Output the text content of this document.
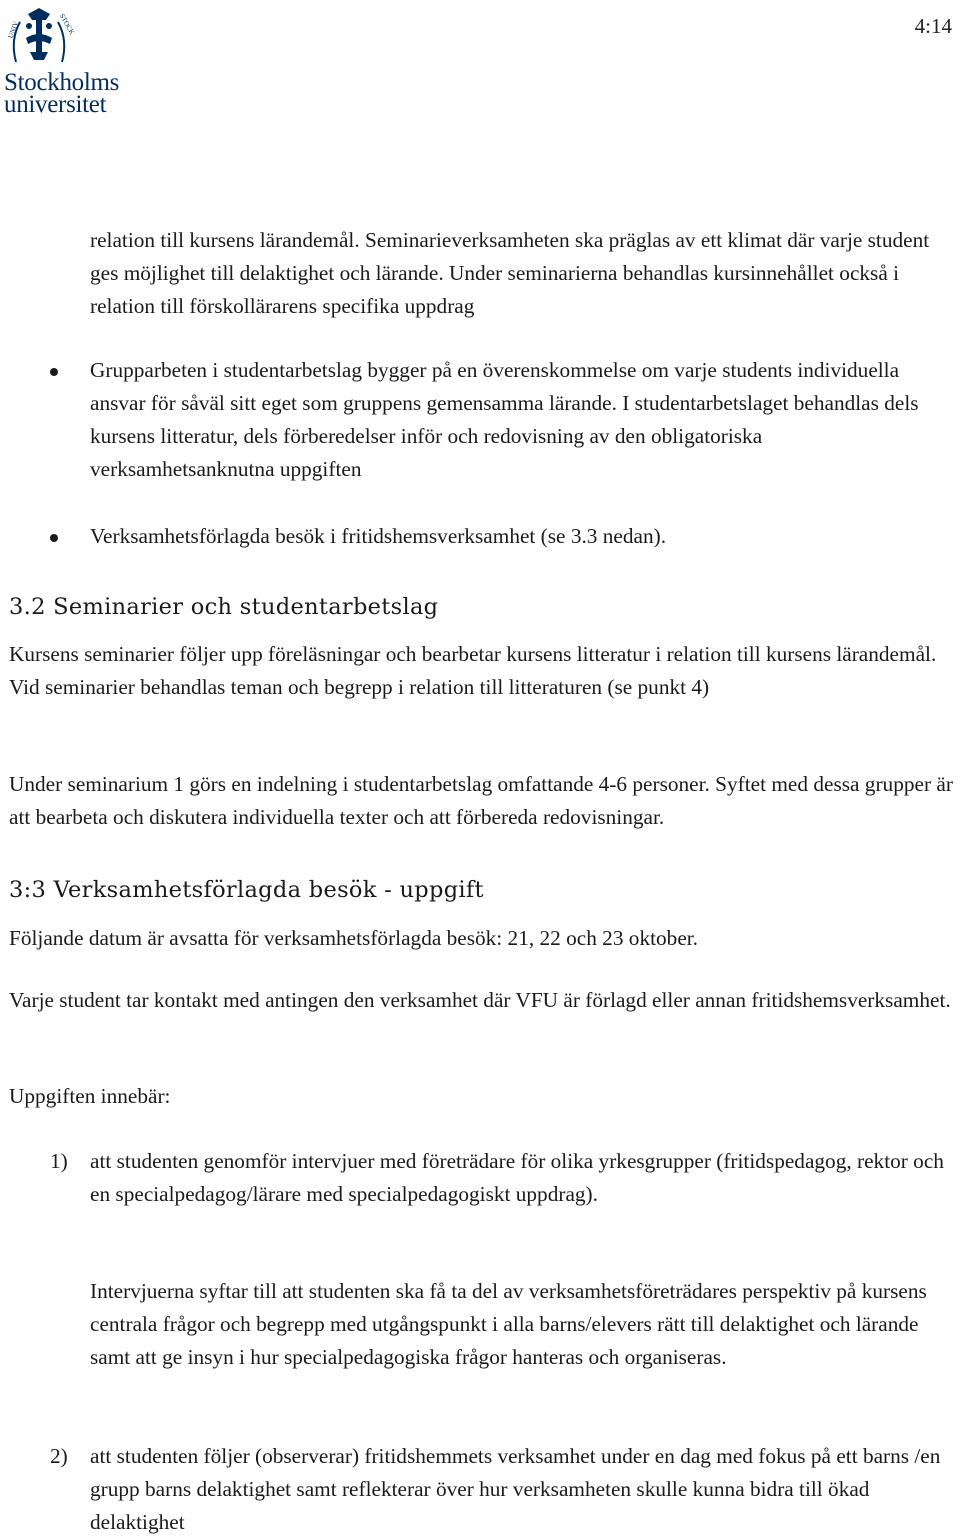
UNIV	STOCK
Stockholms
universitet
4:14
relation till kursens lärandemål. Seminarieverksamheten ska präglas av ett klimat där varje student ges möjlighet till delaktighet och lärande. Under seminarierna behandlas kursinnehållet också i relation till förskollärarens specifika uppdrag
Grupparbeten i studentarbetslag bygger på en överenskommelse om varje students individuella ansvar för såväl sitt eget som gruppens gemensamma lärande. I studentarbetslaget behandlas dels kursens litteratur, dels förberedelser inför och redovisning av den obligatoriska verksamhetsanknutna uppgiften
Verksamhetsförlagda besök i fritidshemsverksamhet (se 3.3 nedan).
3.2 Seminarier och studentarbetslag
Kursens seminarier följer upp föreläsningar och bearbetar kursens litteratur i relation till kursens lärandemål. Vid seminarier behandlas teman och begrepp i relation till litteraturen (se punkt 4)
Under seminarium 1 görs en indelning i studentarbetslag omfattande 4-6 personer. Syftet med dessa grupper är att bearbeta och diskutera individuella texter och att förbereda redovisningar.
3:3 Verksamhetsförlagda besök - uppgift
Följande datum är avsatta för verksamhetsförlagda besök: 21, 22 och 23 oktober.
Varje student tar kontakt med antingen den verksamhet där VFU är förlagd eller annan fritidshemsverksamhet.
Uppgiften innebär:
1) att studenten genomför intervjuer med företrädare för olika yrkesgrupper (fritidspedagog, rektor och en specialpedagog/lärare med specialpedagogiskt uppdrag).
Intervjuerna syftar till att studenten ska få ta del av verksamhetsföreträdares perspektiv på kursens centrala frågor och begrepp med utgångspunkt i alla barns/elevers rätt till delaktighet och lärande samt att ge insyn i hur specialpedagogiska frågor hanteras och organiseras.
2) att studenten följer (observerar) fritidshemmets verksamhet under en dag med fokus på ett barns /en grupp barns delaktighet samt reflekterar över hur verksamheten skulle kunna bidra till ökad delaktighet
